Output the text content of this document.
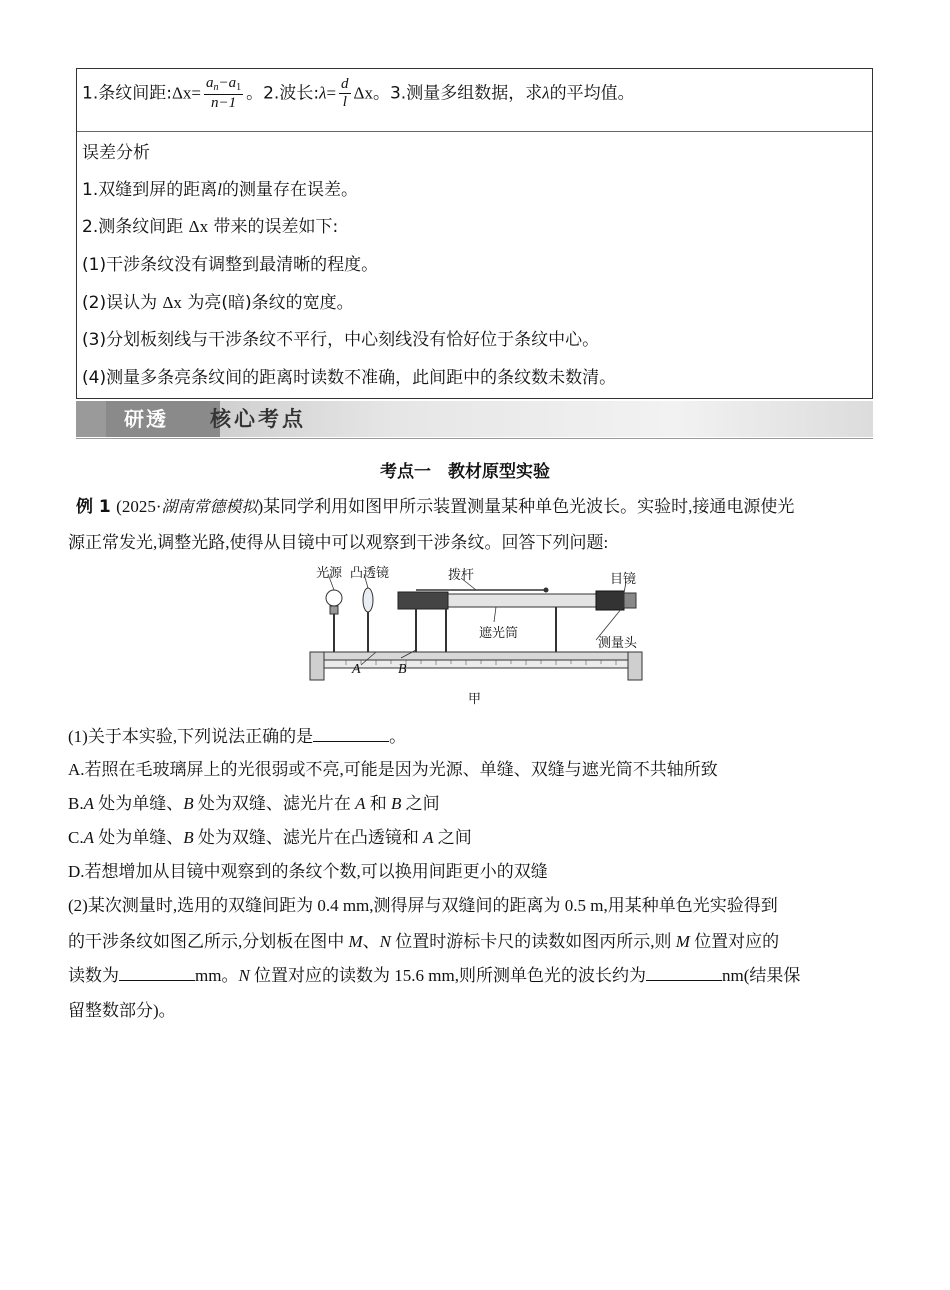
1.条纹间距:Δx= $\frac{a_n-a_1}{n-1}$ 。2.波长:λ= $\frac{d}{l}$ Δx。3.测量多组数据，求λ的平均值。
误差分析
1.双缝到屏的距离l的测量存在误差。
2.测条纹间距 Δx 带来的误差如下:
(1)干涉条纹没有调整到最清晰的程度。
(2)误认为 Δx 为亮(暗)条纹的宽度。
(3)分划板刻线与干涉条纹不平行，中心刻线没有恰好位于条纹中心。
(4)测量多条亮条纹间的距离时读数不准确，此间距中的条纹数未数清。
研透	核心考点
考点一　教材原型实验
例 1 (2025·湖南常德模拟)某同学利用如图甲所示装置测量某种单色光波长。实验时,接通电源使光
源正常发光,调整光路,使得从目镜中可以观察到干涉条纹。回答下列问题:
光源 凸透镜	拨杆	目镜
遮光筒
测量头
A	B
甲
(1)关于本实验,下列说法正确的是	。
A.若照在毛玻璃屏上的光很弱或不亮,可能是因为光源、单缝、双缝与遮光筒不共轴所致
B.A 处为单缝、B 处为双缝、滤光片在 A 和 B 之间
C.A 处为单缝、B 处为双缝、滤光片在凸透镜和 A 之间
D.若想增加从目镜中观察到的条纹个数,可以换用间距更小的双缝
(2)某次测量时,选用的双缝间距为 0.4 mm,测得屏与双缝间的距离为 0.5 m,用某种单色光实验得到
的干涉条纹如图乙所示,分划板在图中 M、N 位置时游标卡尺的读数如图丙所示,则 M 位置对应的
读数为	mm。N 位置对应的读数为 15.6 mm,则所测单色光的波长约为	nm(结果保
留整数部分)。
